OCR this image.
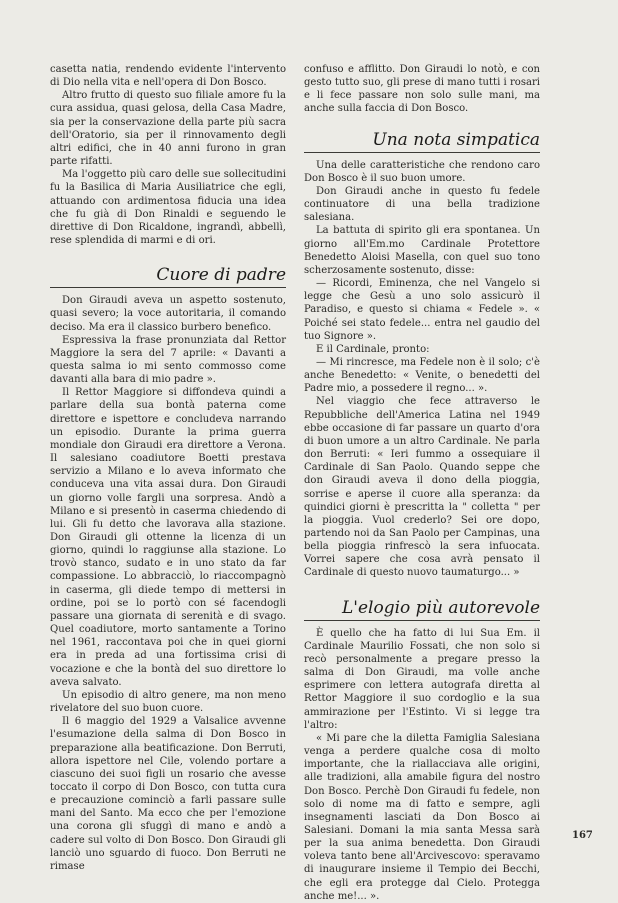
casetta natia, rendendo evidente l'intervento di Dio nella vita e nell'opera di Don Bosco.

Altro frutto di questo suo filiale amore fu la cura assidua, quasi gelosa, della Casa Madre, sia per la conservazione della parte più sacra dell'Oratorio, sia per il rinnovamento degli altri edifici, che in 40 anni furono in gran parte rifatti.

Ma l'oggetto più caro delle sue sollecitudini fu la Basilica di Maria Ausiliatrice che egli, attuando con ardimentosa fiducia una idea che fu già di Don Rinaldi e seguendo le direttive di Don Ricaldone, ingrandì, abbellì, rese splendida di marmi e di ori.

Cuore di padre

Don Giraudi aveva un aspetto sostenuto, quasi severo; la voce autoritaria, il comando deciso. Ma era il classico burbero benefico.

Espressiva la frase pronunziata dal Rettor Maggiore la sera del 7 aprile: « Davanti a questa salma io mi sento commosso come davanti alla bara di mio padre ».

Il Rettor Maggiore si diffondeva quindi a parlare della sua bontà paterna come direttore e ispettore e concludeva narrando un episodio. Durante la prima guerra mondiale don Giraudi era direttore a Verona. Il salesiano coadiutore Boetti prestava servizio a Milano e lo aveva informato che conduceva una vita assai dura. Don Giraudi un giorno volle fargli una sorpresa. Andò a Milano e si presentò in caserma chiedendo di lui. Gli fu detto che lavorava alla stazione. Don Giraudi gli ottenne la licenza di un giorno, quindi lo raggiunse alla stazione. Lo trovò stanco, sudato e in uno stato da far compassione. Lo abbracciò, lo riaccompagnò in caserma, gli diede tempo di mettersi in ordine, poi se lo portò con sé facendogli passare una giornata di serenità e di svago. Quel coadiutore, morto santamente a Torino nel 1961, raccontava poi che in quei giorni era in preda ad una fortissima crisi di vocazione e che la bontà del suo direttore lo aveva salvato.

Un episodio di altro genere, ma non meno rivelatore del suo buon cuore.

Il 6 maggio del 1929 a Valsalice avvenne l'esumazione della salma di Don Bosco in preparazione alla beatificazione. Don Berruti, allora ispettore nel Cile, volendo portare a ciascuno dei suoi figli un rosario che avesse toccato il corpo di Don Bosco, con tutta cura e precauzione cominciò a farli passare sulle mani del Santo. Ma ecco che per l'emozione una corona gli sfuggì di mano e andò a cadere sul volto di Don Bosco. Don Giraudi gli lanciò uno sguardo di fuoco. Don Berruti ne rimase

confuso e afflitto. Don Giraudi lo notò, e con gesto tutto suo, gli prese di mano tutti i rosari e li fece passare non solo sulle mani, ma anche sulla faccia di Don Bosco.

Una nota simpatica

Una delle caratteristiche che rendono caro Don Bosco è il suo buon umore.

Don Giraudi anche in questo fu fedele continuatore di una bella tradizione salesiana.

La battuta di spirito gli era spontanea. Un giorno all'Em.mo Cardinale Protettore Benedetto Aloisi Masella, con quel suo tono scherzosamente sostenuto, disse:

— Ricordi, Eminenza, che nel Vangelo si legge che Gesù a uno solo assicurò il Paradiso, e questo si chiama « Fedele ». « Poiché sei stato fedele... entra nel gaudio del tuo Signore ».

E il Cardinale, pronto:

— Mi rincresce, ma Fedele non è il solo; c'è anche Benedetto: « Venite, o benedetti del Padre mio, a possedere il regno... ».

Nel viaggio che fece attraverso le Repubbliche dell'America Latina nel 1949 ebbe occasione di far passare un quarto d'ora di buon umore a un altro Cardinale. Ne parla don Berruti: « Ieri fummo a ossequiare il Cardinale di San Paolo. Quando seppe che don Giraudi aveva il dono della pioggia, sorrise e aperse il cuore alla speranza: da quindici giorni è prescritta la " colletta " per la pioggia. Vuol crederlo? Sei ore dopo, partendo noi da San Paolo per Campinas, una bella pioggia rinfrescò la sera infuocata. Vorrei sapere che cosa avrà pensato il Cardinale di questo nuovo taumaturgo... »

L'elogio più autorevole

È quello che ha fatto di lui Sua Em. il Cardinale Maurilio Fossati, che non solo si recò personalmente a pregare presso la salma di Don Giraudi, ma volle anche esprimere con lettera autografa diretta al Rettor Maggiore il suo cordoglio e la sua ammirazione per l'Estinto. Vi si legge tra l'altro:

« Mi pare che la diletta Famiglia Salesiana venga a perdere qualche cosa di molto importante, che la riallacciava alle origini, alle tradizioni, alla amabile figura del nostro Don Bosco. Perchè Don Giraudi fu fedele, non solo di nome ma di fatto e sempre, agli insegnamenti lasciati da Don Bosco ai Salesiani. Domani la mia santa Messa sarà per la sua anima benedetta. Don Giraudi voleva tanto bene all'Arcivescovo: speravamo di inaugurare insieme il Tempio dei Becchi, che egli era protegge dal Cielo. Protegga anche me!... ».

167
